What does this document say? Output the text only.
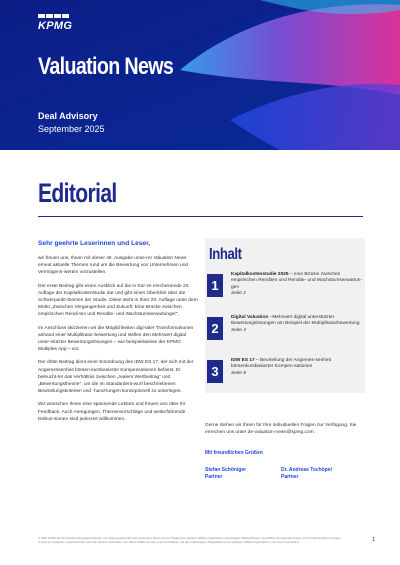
KPMG
Valuation News
Deal Advisory
September 2025
Editorial
Sehr geehrte Leserinnen und Leser,

wir freuen uns, Ihnen mit dieser 45. Ausgabe unse-rer Valuation News erneut aktuelle Themen rund um die Bewertung von Unternehmen und Vermögens-werten vorzustellen.

Der erste Beitrag gibt einen Ausblick auf die in Kür-ze erscheinende 20. Auflage der Kapitalkostenstudie dar und gibt einen Überblick über die Schwerpunkt-themen der Studie. Diese steht in Ihrer 20. Auflage unter dem Motto „Zwischen Vergangenheit und Zukunft: Eine Brücke zwischen empirischen Rendi-ten und Rendite- und Wachstumserwartunger“.

Im Anschluss skizzieren wir die Möglichkeiten digi-taler Transformationen anhand einer Multiplikator-bewertung und stellen den Mehrwert digital unter-stützter Bewertungslösungen – wie beispielsweise der KPMG Multiples App – vor.

Der dritte Beitrag dient einer Einordnung des IDW ES 17, der sich mit der Angemessenheit börsen-kursbasierter Kompensationen befasst. Er beleucht-tet das Verhältnis zwischen „realem Wertbeitrag“ und „Bewertungstheorie“, um die im Standardent-wurf beschriebenen Beurteilungskriterien und -hand-lungen konzeptionell zu unterlegen.

Wir wünschen Ihnen eine spannende Lektüre und freuen uns über Ihr Feedback. Auch Anregungen, Themenvorschläge und weiterführende Diskus-sionen sind jederzeit willkommen.

Inhalt
1
Kapitalkostenstudie 2025 – eine Brücke zwischen empirischen Renditen und Rendite- und Wachstumserwartun-gen
Seite 2
2
Digital Valuation –Mehrwert digital unterstützter Bewertungslösungen am Beispiel der Multiplikatorbewertung
Seite 4
3
IDW ES 17 – Beurteilung der Angemes-senheit börsenkursbasierter Kompen-sationen
Seite 8
Gerne stehen wir Ihnen für Ihre individuellen Fragen zur Verfügung. Sie erreichen uns unter de-valuation-news@kpmg.com.
Mit freundlichen Grüßen
Stefan Schöniger
Partner
Dr. Andreas Tschöpel
Partner
© 2025 KPMG AG Wirtschaftsprüfungsgesellschaft, eine Aktiengesellschaft nach deutschem Recht und ein Mitglied der globalen KPMG-Organisation unabhängiger Mitgliedsfirmen, die KPMG International Limited, einer Private English Company Limited by Guarantee, angeschlossen sind. Alle Rechte vorbehalten. Der Name KPMG und das Logo sind Marken, die die unabhängigen Mitgliedsfirmen der globalen KPMG-Organisation unter Lizenz verwenden.	1
